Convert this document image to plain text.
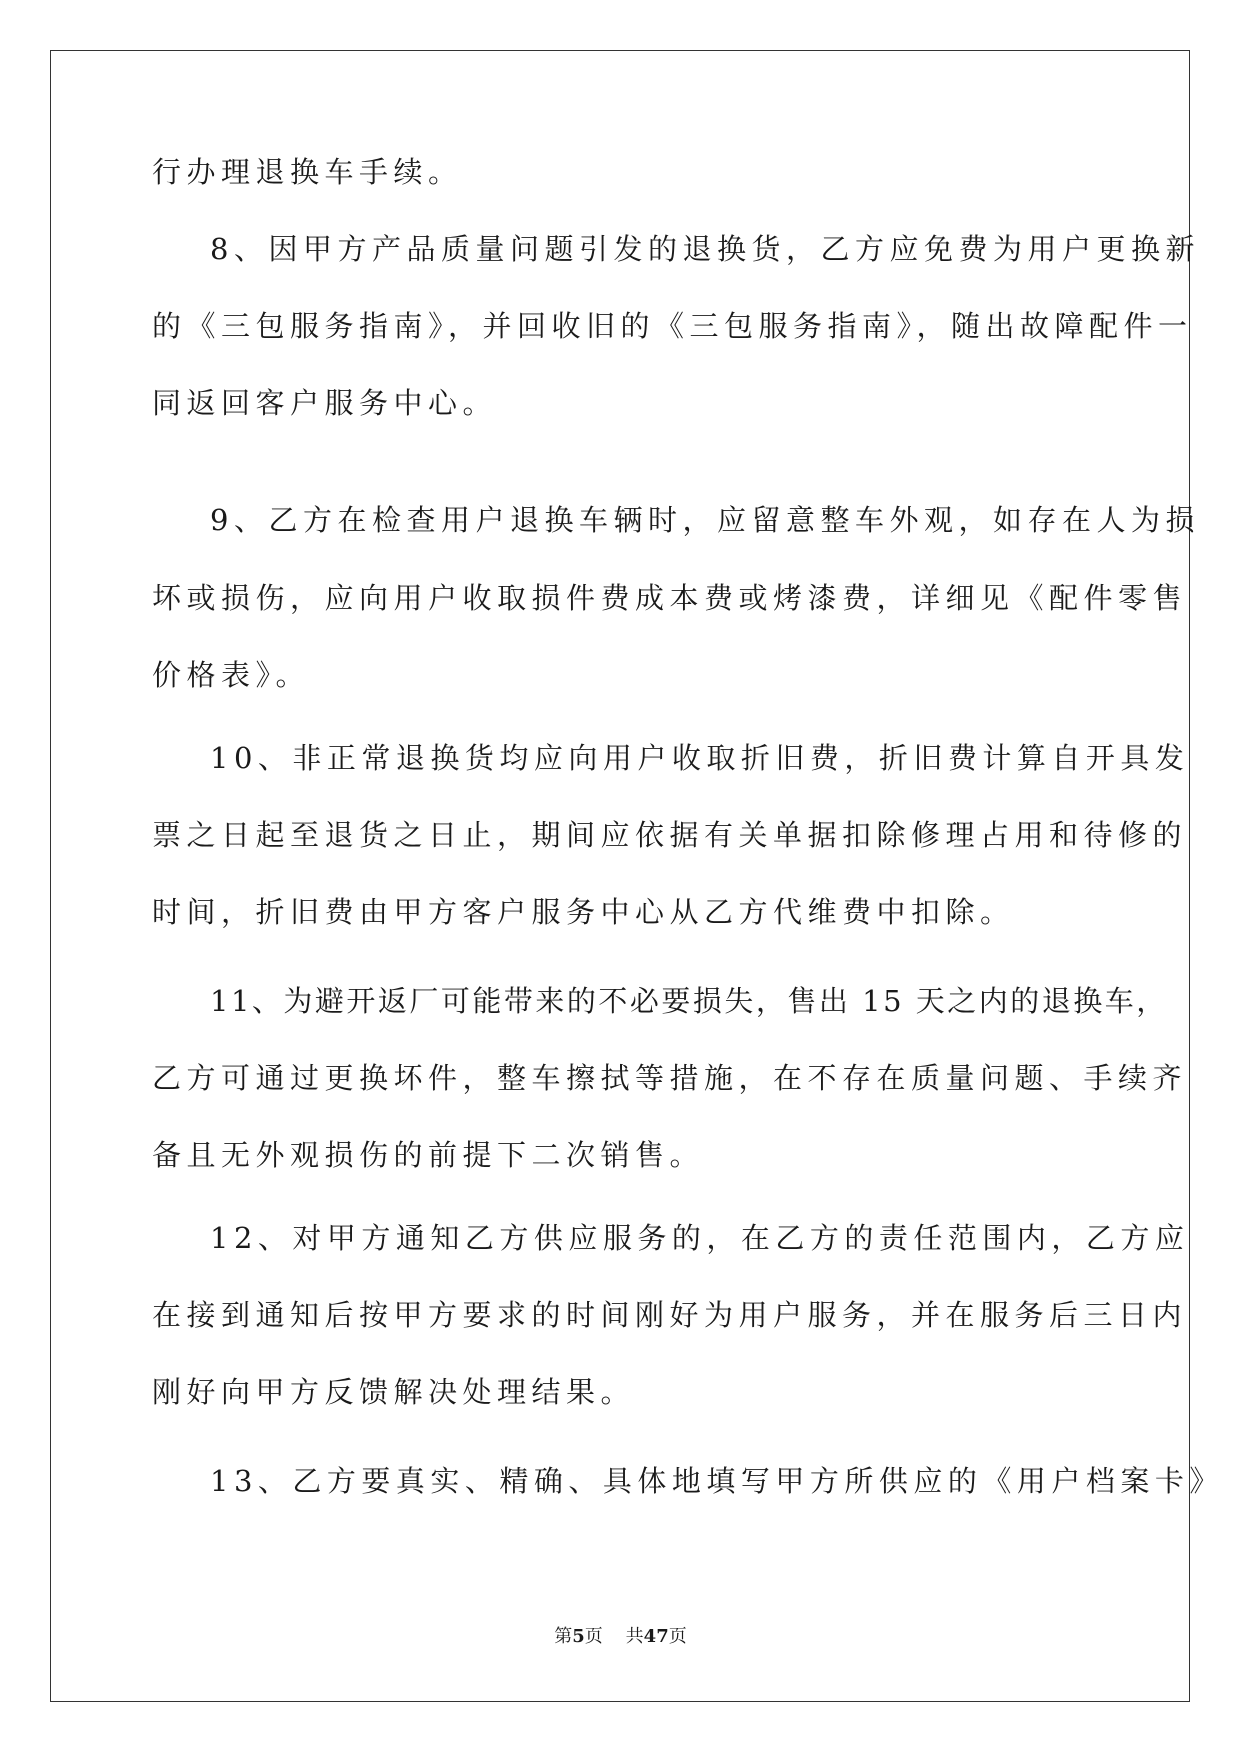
行办理退换车手续。
8、因甲方产品质量问题引发的退换货，乙方应免费为用户更换新
的《三包服务指南》，并回收旧的《三包服务指南》，随出故障配件一
同返回客户服务中心。
9、乙方在检查用户退换车辆时，应留意整车外观，如存在人为损
坏或损伤，应向用户收取损件费成本费或烤漆费，详细见《配件零售
价格表》。
10、非正常退换货均应向用户收取折旧费，折旧费计算自开具发
票之日起至退货之日止，期间应依据有关单据扣除修理占用和待修的
时间，折旧费由甲方客户服务中心从乙方代维费中扣除。
11、为避开返厂可能带来的不必要损失，售出 15 天之内的退换车，
乙方可通过更换坏件，整车擦拭等措施，在不存在质量问题、手续齐
备且无外观损伤的前提下二次销售。
12、对甲方通知乙方供应服务的，在乙方的责任范围内，乙方应
在接到通知后按甲方要求的时间刚好为用户服务，并在服务后三日内
刚好向甲方反馈解决处理结果。
13、乙方要真实、精确、具体地填写甲方所供应的《用户档案卡》
第5页 共47页
